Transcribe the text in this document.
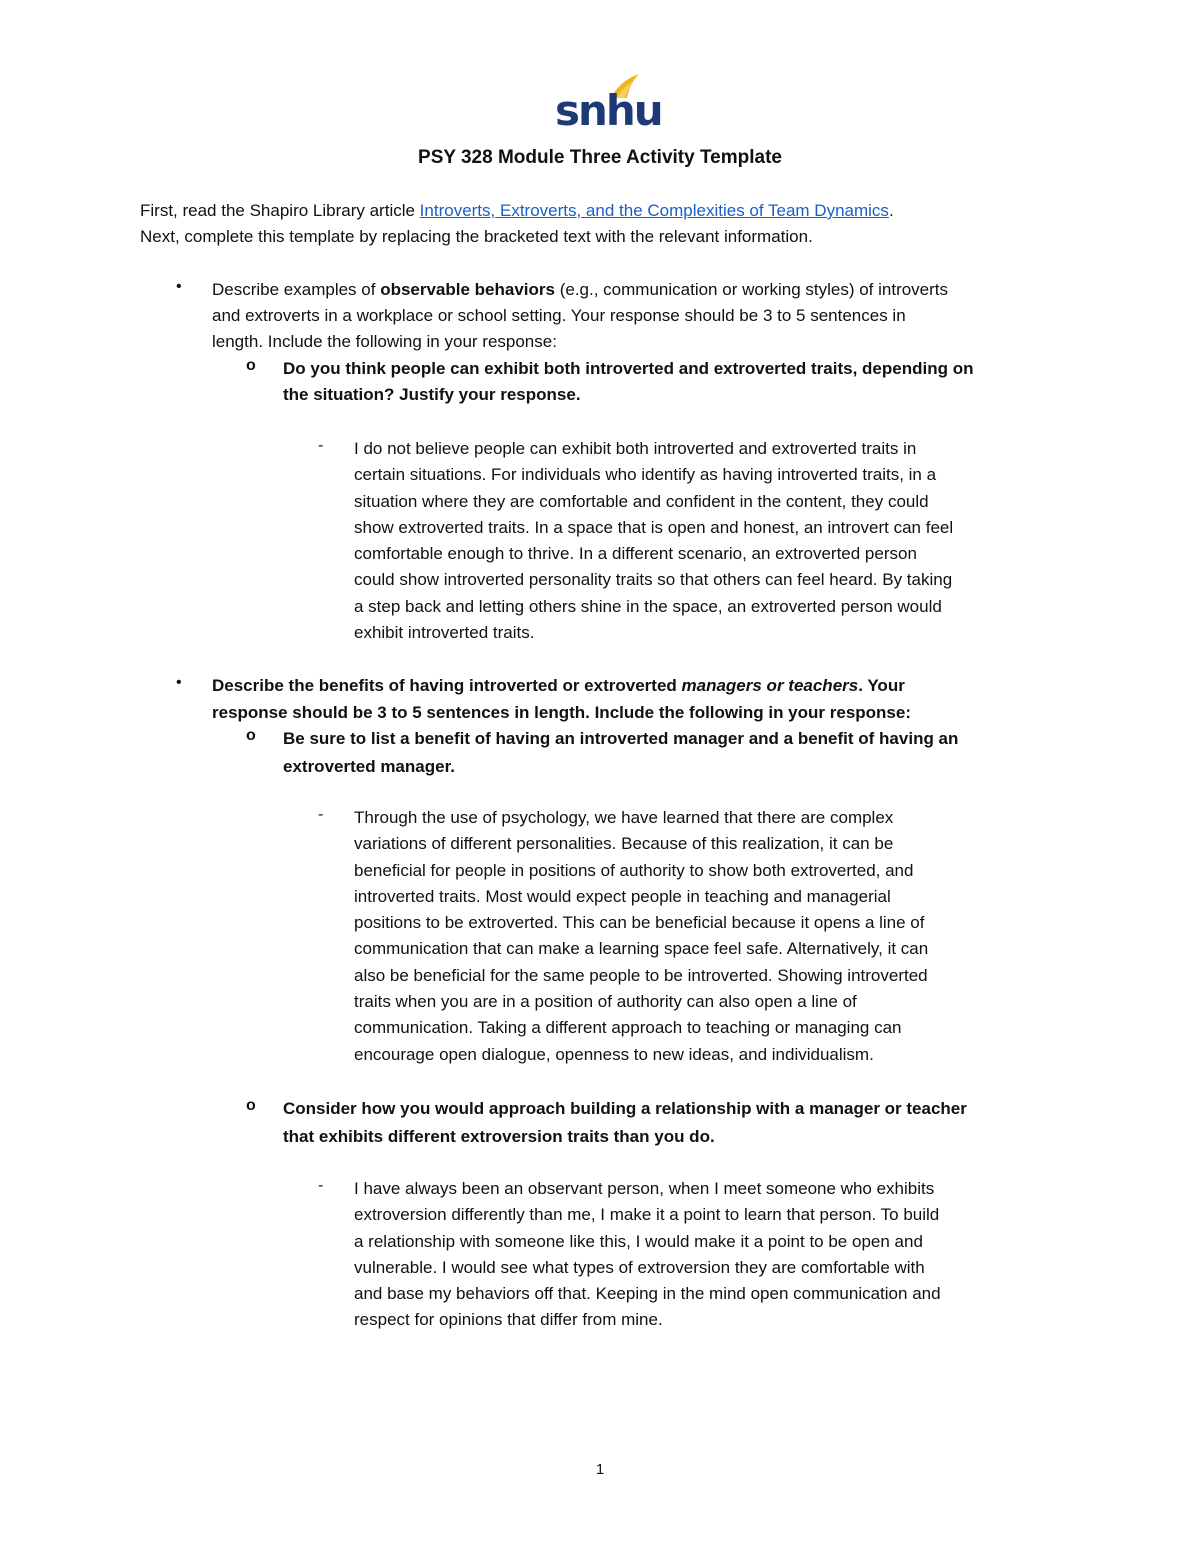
snhu
PSY 328 Module Three Activity Template
First, read the Shapiro Library article Introverts, Extroverts, and the Complexities of Team Dynamics.
Next, complete this template by replacing the bracketed text with the relevant information.
• Describe examples of observable behaviors (e.g., communication or working styles) of introverts
and extroverts in a workplace or school setting. Your response should be 3 to 5 sentences in
length. Include the following in your response:
o Do you think people can exhibit both introverted and extroverted traits, depending on
the situation? Justify your response.
- I do not believe people can exhibit both introverted and extroverted traits in
certain situations. For individuals who identify as having introverted traits, in a
situation where they are comfortable and confident in the content, they could
show extroverted traits. In a space that is open and honest, an introvert can feel
comfortable enough to thrive. In a different scenario, an extroverted person
could show introverted personality traits so that others can feel heard. By taking
a step back and letting others shine in the space, an extroverted person would
exhibit introverted traits.
• Describe the benefits of having introverted or extroverted managers or teachers. Your
response should be 3 to 5 sentences in length. Include the following in your response:
o Be sure to list a benefit of having an introverted manager and a benefit of having an
extroverted manager.
- Through the use of psychology, we have learned that there are complex
variations of different personalities. Because of this realization, it can be
beneficial for people in positions of authority to show both extroverted, and
introverted traits. Most would expect people in teaching and managerial
positions to be extroverted. This can be beneficial because it opens a line of
communication that can make a learning space feel safe. Alternatively, it can
also be beneficial for the same people to be introverted. Showing introverted
traits when you are in a position of authority can also open a line of
communication. Taking a different approach to teaching or managing can
encourage open dialogue, openness to new ideas, and individualism.
o Consider how you would approach building a relationship with a manager or teacher
that exhibits different extroversion traits than you do.
- I have always been an observant person, when I meet someone who exhibits
extroversion differently than me, I make it a point to learn that person. To build
a relationship with someone like this, I would make it a point to be open and
vulnerable. I would see what types of extroversion they are comfortable with
and base my behaviors off that. Keeping in the mind open communication and
respect for opinions that differ from mine.
1
